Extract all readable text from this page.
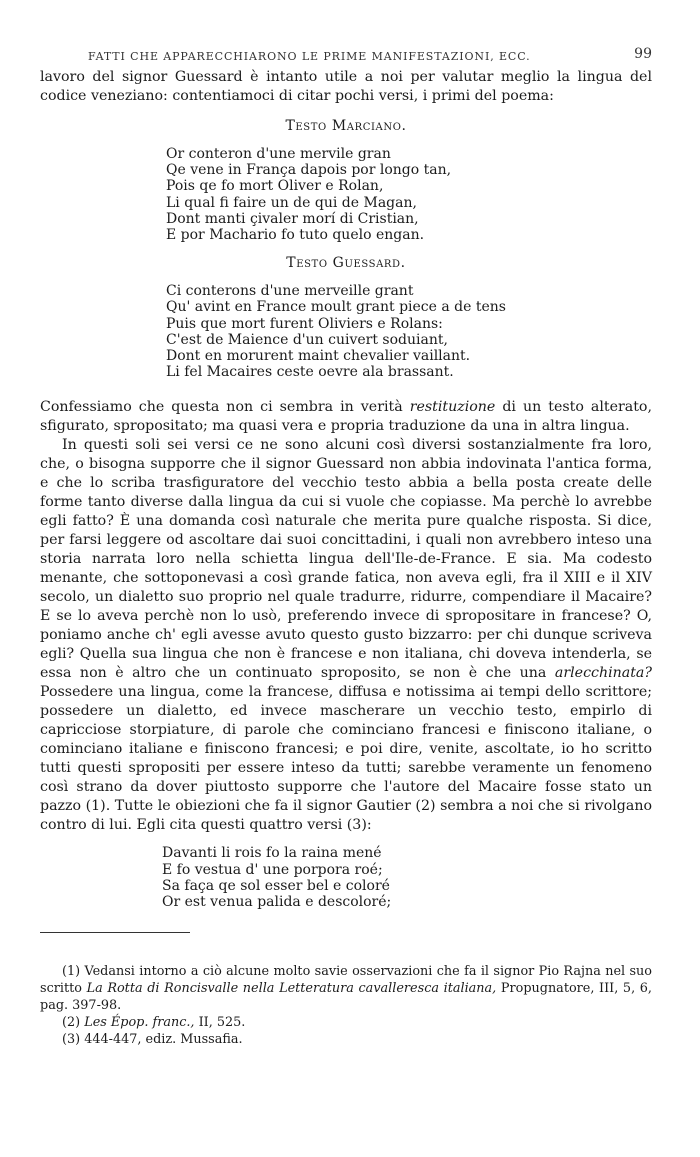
FATTI CHE APPARECCHIARONO LE PRIME MANIFESTAZIONI, ECC.	99

lavoro del signor Guessard è intanto utile a noi per valutar meglio la lingua del codice veneziano: contentiamoci di citar pochi versi, i primi del poema:

Testo Marciano.
Or conteron d'une mervile gran
Qe vene in França dapois por longo tan,
Pois qe fo mort Oliver e Rolan,
Li qual fi faire un de qui de Magan,
Dont manti çivaler morí di Cristian,
E por Machario fo tuto quelo engan.
Testo Guessard.
Ci conterons d'une merveille grant
Qu' avint en France moult grant piece a de tens
Puis que mort furent Oliviers e Rolans:
C'est de Maience d'un cuivert soduiant,
Dont en morurent maint chevalier vaillant.
Li fel Macaires ceste oevre ala brassant.

Confessiamo che questa non ci sembra in verità restituzione di un testo alterato, sfigurato, spropositato; ma quasi vera e propria traduzione da una in altra lingua.

In questi soli sei versi ce ne sono alcuni così diversi sostanzialmente fra loro, che, o bisogna supporre che il signor Guessard non abbia indovinata l'antica forma, e che lo scriba trasfiguratore del vecchio testo abbia a bella posta create delle forme tanto diverse dalla lingua da cui si vuole che copiasse. Ma perchè lo avrebbe egli fatto? È una domanda così naturale che merita pure qualche risposta. Si dice, per farsi leggere od ascoltare dai suoi concittadini, i quali non avrebbero inteso una storia narrata loro nella schietta lingua dell'Ile-de-France. E sia. Ma codesto menante, che sottoponevasi a così grande fatica, non aveva egli, fra il XIII e il XIV secolo, un dialetto suo proprio nel quale tradurre, ridurre, compendiare il Macaire? E se lo aveva perchè non lo usò, preferendo invece di spropositare in francese? O, poniamo anche ch' egli avesse avuto questo gusto bizzarro: per chi dunque scriveva egli? Quella sua lingua che non è francese e non italiana, chi doveva intenderla, se essa non è altro che un continuato sproposito, se non è che una arlecchinata? Possedere una lingua, come la francese, diffusa e notissima ai tempi dello scrittore; possedere un dialetto, ed invece mascherare un vecchio testo, empirlo di capricciose storpiature, di parole che cominciano francesi e finiscono italiane, o cominciano italiane e finiscono francesi; e poi dire, venite, ascoltate, io ho scritto tutti questi spropositi per essere inteso da tutti; sarebbe veramente un fenomeno così strano da dover piuttosto supporre che l'autore del Macaire fosse stato un pazzo (1). Tutte le obiezioni che fa il signor Gautier (2) sembra a noi che si rivolgano contro di lui. Egli cita questi quattro versi (3):

Davanti li rois fo la raina mené
E fo vestua d' une porpora roé;
Sa faça qe sol esser bel e coloré
Or est venua palida e descoloré;

(1) Vedansi intorno a ciò alcune molto savie osservazioni che fa il signor Pio Rajna nel suo scritto La Rotta di Roncisvalle nella Letteratura cavalleresca italiana, Propugnatore, III, 5, 6, pag. 397-98.

(2) Les Épop. franc., II, 525.

(3) 444-447, ediz. Mussafia.
